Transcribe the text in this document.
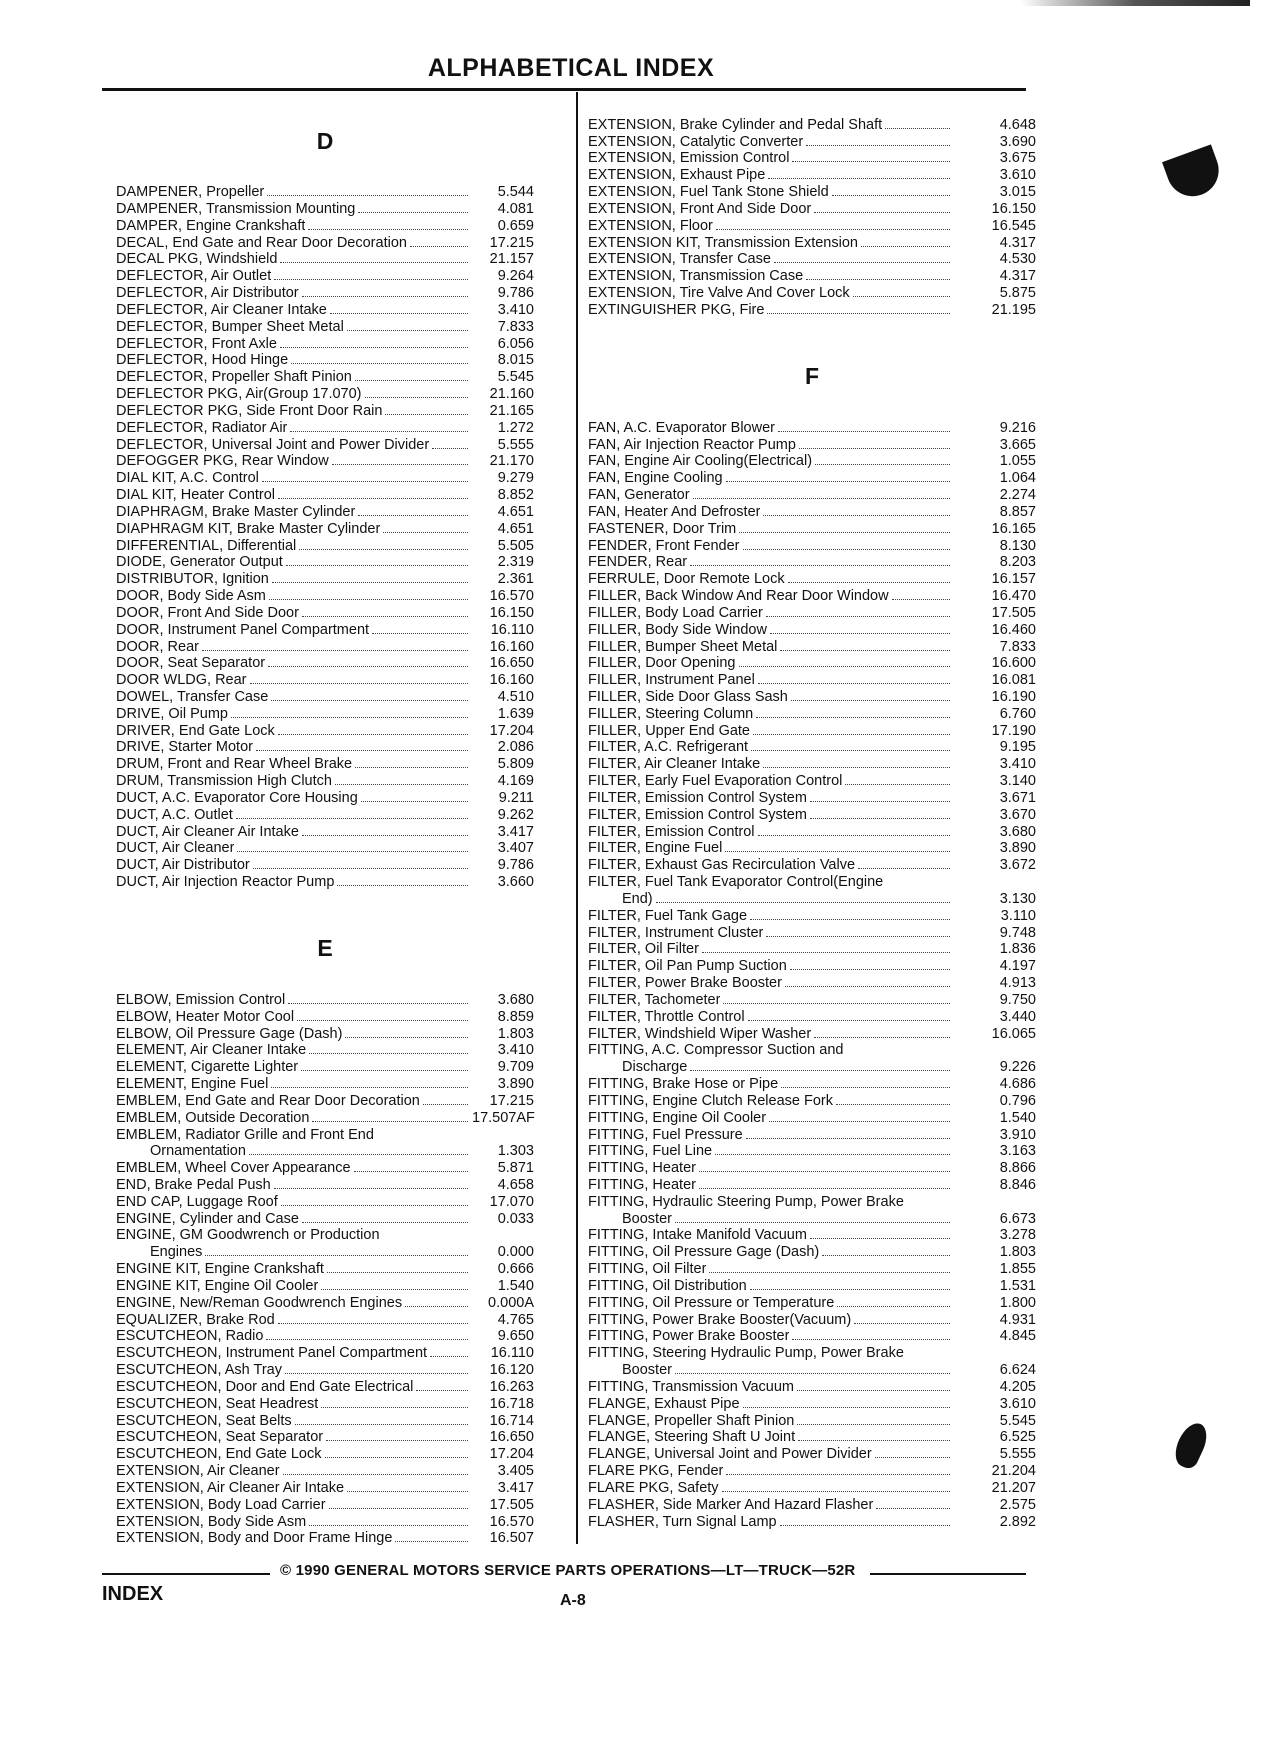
ALPHABETICAL INDEX
D
DAMPENER, Propeller	5.544
DAMPENER, Transmission Mounting	4.081
DAMPER, Engine Crankshaft	0.659
DECAL, End Gate and Rear Door Decoration	17.215
DECAL PKG, Windshield	21.157
DEFLECTOR, Air Outlet	9.264
DEFLECTOR, Air Distributor	9.786
DEFLECTOR, Air Cleaner Intake	3.410
DEFLECTOR, Bumper Sheet Metal	7.833
DEFLECTOR, Front Axle	6.056
DEFLECTOR, Hood Hinge	8.015
DEFLECTOR, Propeller Shaft Pinion	5.545
DEFLECTOR PKG, Air(Group 17.070)	21.160
DEFLECTOR PKG, Side Front Door Rain	21.165
DEFLECTOR, Radiator Air	1.272
DEFLECTOR, Universal Joint and Power Divider	5.555
DEFOGGER PKG, Rear Window	21.170
DIAL KIT, A.C. Control	9.279
DIAL KIT, Heater Control	8.852
DIAPHRAGM, Brake Master Cylinder	4.651
DIAPHRAGM KIT, Brake Master Cylinder	4.651
DIFFERENTIAL, Differential	5.505
DIODE, Generator Output	2.319
DISTRIBUTOR, Ignition	2.361
DOOR, Body Side Asm	16.570
DOOR, Front And Side Door	16.150
DOOR, Instrument Panel Compartment	16.110
DOOR, Rear	16.160
DOOR, Seat Separator	16.650
DOOR WLDG, Rear	16.160
DOWEL, Transfer Case	4.510
DRIVE, Oil Pump	1.639
DRIVER, End Gate Lock	17.204
DRIVE, Starter Motor	2.086
DRUM, Front and Rear Wheel Brake	5.809
DRUM, Transmission High Clutch	4.169
DUCT, A.C. Evaporator Core Housing	9.211
DUCT, A.C. Outlet	9.262
DUCT, Air Cleaner Air Intake	3.417
DUCT, Air Cleaner	3.407
DUCT, Air Distributor	9.786
DUCT, Air Injection Reactor Pump	3.660
E
ELBOW, Emission Control	3.680
ELBOW, Heater Motor Cool	8.859
ELBOW, Oil Pressure Gage (Dash)	1.803
ELEMENT, Air Cleaner Intake	3.410
ELEMENT, Cigarette Lighter	9.709
ELEMENT, Engine Fuel	3.890
EMBLEM, End Gate and Rear Door Decoration	17.215
EMBLEM, Outside Decoration	17.507AF
EMBLEM, Radiator Grille and Front End
Ornamentation	1.303
EMBLEM, Wheel Cover Appearance	5.871
END, Brake Pedal Push	4.658
END CAP, Luggage Roof	17.070
ENGINE, Cylinder and Case	0.033
ENGINE, GM Goodwrench or Production
Engines	0.000
ENGINE KIT, Engine Crankshaft	0.666
ENGINE KIT, Engine Oil Cooler	1.540
ENGINE, New/Reman Goodwrench Engines	0.000A
EQUALIZER, Brake Rod	4.765
ESCUTCHEON, Radio	9.650
ESCUTCHEON, Instrument Panel Compartment	16.110
ESCUTCHEON, Ash Tray	16.120
ESCUTCHEON, Door and End Gate Electrical	16.263
ESCUTCHEON, Seat Headrest	16.718
ESCUTCHEON, Seat Belts	16.714
ESCUTCHEON, Seat Separator	16.650
ESCUTCHEON, End Gate Lock	17.204
EXTENSION, Air Cleaner	3.405
EXTENSION, Air Cleaner Air Intake	3.417
EXTENSION, Body Load Carrier	17.505
EXTENSION, Body Side Asm	16.570
EXTENSION, Body and Door Frame Hinge	16.507
EXTENSION, Brake Cylinder and Pedal Shaft	4.648
EXTENSION, Catalytic Converter	3.690
EXTENSION, Emission Control	3.675
EXTENSION, Exhaust Pipe	3.610
EXTENSION, Fuel Tank Stone Shield	3.015
EXTENSION, Front And Side Door	16.150
EXTENSION, Floor	16.545
EXTENSION KIT, Transmission Extension	4.317
EXTENSION, Transfer Case	4.530
EXTENSION, Transmission Case	4.317
EXTENSION, Tire Valve And Cover Lock	5.875
EXTINGUISHER PKG, Fire	21.195
F
FAN, A.C. Evaporator Blower	9.216
FAN, Air Injection Reactor Pump	3.665
FAN, Engine Air Cooling(Electrical)	1.055
FAN, Engine Cooling	1.064
FAN, Generator	2.274
FAN, Heater And Defroster	8.857
FASTENER, Door Trim	16.165
FENDER, Front Fender	8.130
FENDER, Rear	8.203
FERRULE, Door Remote Lock	16.157
FILLER, Back Window And Rear Door Window	16.470
FILLER, Body Load Carrier	17.505
FILLER, Body Side Window	16.460
FILLER, Bumper Sheet Metal	7.833
FILLER, Door Opening	16.600
FILLER, Instrument Panel	16.081
FILLER, Side Door Glass Sash	16.190
FILLER, Steering Column	6.760
FILLER, Upper End Gate	17.190
FILTER, A.C. Refrigerant	9.195
FILTER, Air Cleaner Intake	3.410
FILTER, Early Fuel Evaporation Control	3.140
FILTER, Emission Control System	3.671
FILTER, Emission Control System	3.670
FILTER, Emission Control	3.680
FILTER, Engine Fuel	3.890
FILTER, Exhaust Gas Recirculation Valve	3.672
FILTER, Fuel Tank Evaporator Control(Engine
End)	3.130
FILTER, Fuel Tank Gage	3.110
FILTER, Instrument Cluster	9.748
FILTER, Oil Filter	1.836
FILTER, Oil Pan Pump Suction	4.197
FILTER, Power Brake Booster	4.913
FILTER, Tachometer	9.750
FILTER, Throttle Control	3.440
FILTER, Windshield Wiper Washer	16.065
FITTING, A.C. Compressor Suction and
Discharge	9.226
FITTING, Brake Hose or Pipe	4.686
FITTING, Engine Clutch Release Fork	0.796
FITTING, Engine Oil Cooler	1.540
FITTING, Fuel Pressure	3.910
FITTING, Fuel Line	3.163
FITTING, Heater	8.866
FITTING, Heater	8.846
FITTING, Hydraulic Steering Pump, Power Brake
Booster	6.673
FITTING, Intake Manifold Vacuum	3.278
FITTING, Oil Pressure Gage (Dash)	1.803
FITTING, Oil Filter	1.855
FITTING, Oil Distribution	1.531
FITTING, Oil Pressure or Temperature	1.800
FITTING, Power Brake Booster(Vacuum)	4.931
FITTING, Power Brake Booster	4.845
FITTING, Steering Hydraulic Pump, Power Brake
Booster	6.624
FITTING, Transmission Vacuum	4.205
FLANGE, Exhaust Pipe	3.610
FLANGE, Propeller Shaft Pinion	5.545
FLANGE, Steering Shaft U Joint	6.525
FLANGE, Universal Joint and Power Divider	5.555
FLARE PKG, Fender	21.204
FLARE PKG, Safety	21.207
FLASHER, Side Marker And Hazard Flasher	2.575
FLASHER, Turn Signal Lamp	2.892
© 1990 GENERAL MOTORS SERVICE PARTS OPERATIONS—LT—TRUCK—52R
INDEX	A-8
